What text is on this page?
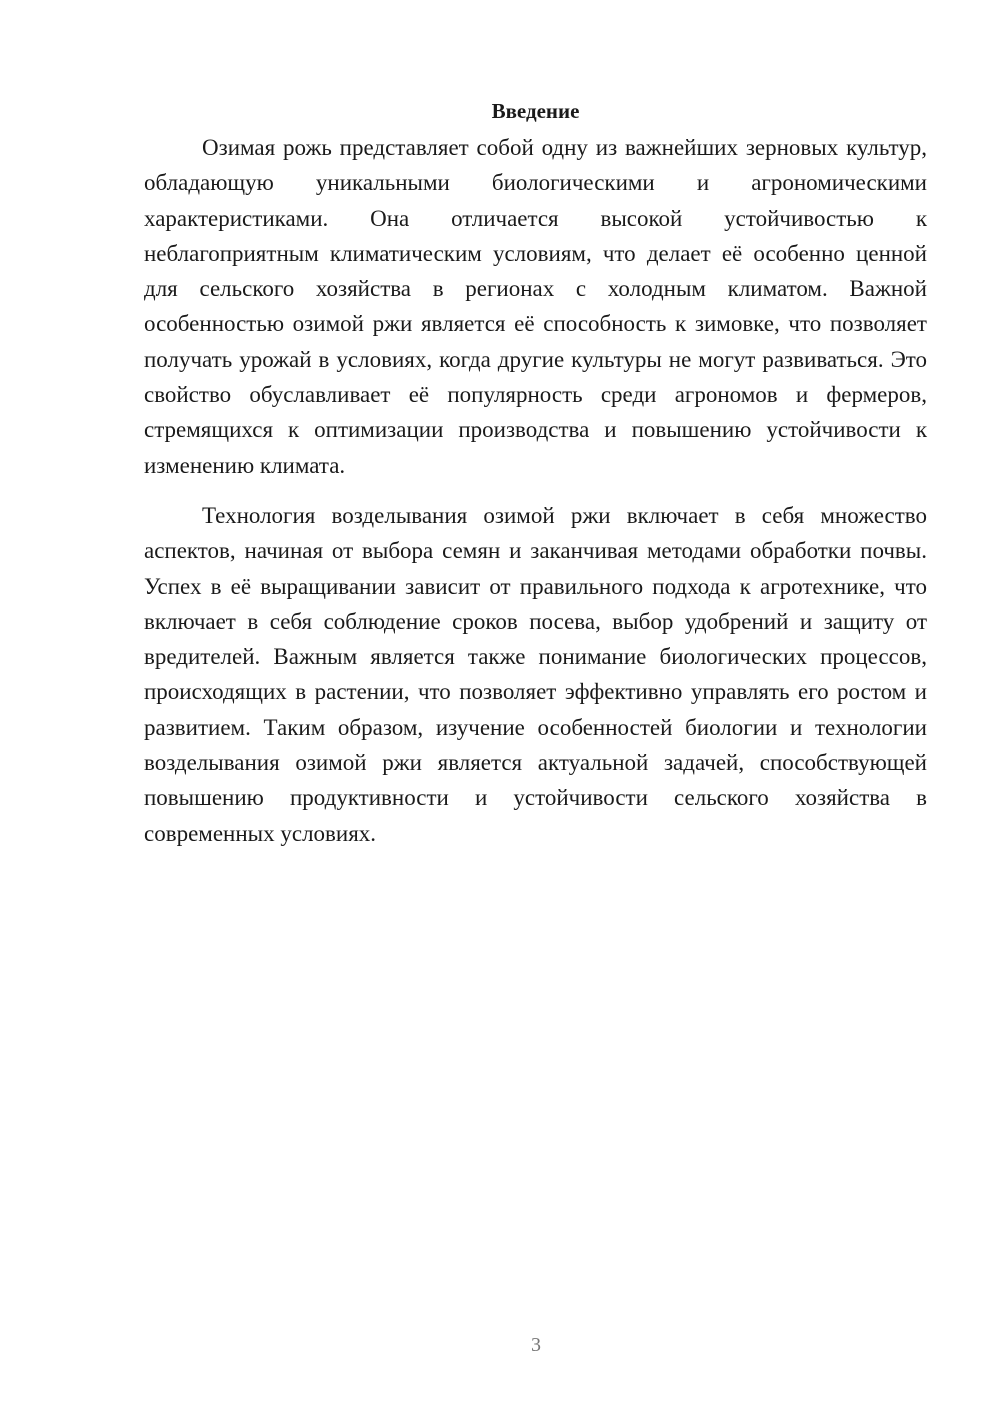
Введение

Озимая рожь представляет собой одну из важнейших зерновых культур, обладающую уникальными биологическими и агрономическими характеристиками. Она отличается высокой устойчивостью к неблагоприятным климатическим условиям, что делает её особенно ценной для сельского хозяйства в регионах с холодным климатом. Важной особенностью озимой ржи является её способность к зимовке, что позволяет получать урожай в условиях, когда другие культуры не могут развиваться. Это свойство обуславливает её популярность среди агрономов и фермеров, стремящихся к оптимизации производства и повышению устойчивости к изменению климата.

Технология возделывания озимой ржи включает в себя множество аспектов, начиная от выбора семян и заканчивая методами обработки почвы. Успех в её выращивании зависит от правильного подхода к агротехнике, что включает в себя соблюдение сроков посева, выбор удобрений и защиту от вредителей. Важным является также понимание биологических процессов, происходящих в растении, что позволяет эффективно управлять его ростом и развитием. Таким образом, изучение особенностей биологии и технологии возделывания озимой ржи является актуальной задачей, способствующей повышению продуктивности и устойчивости сельского хозяйства в современных условиях.

3
